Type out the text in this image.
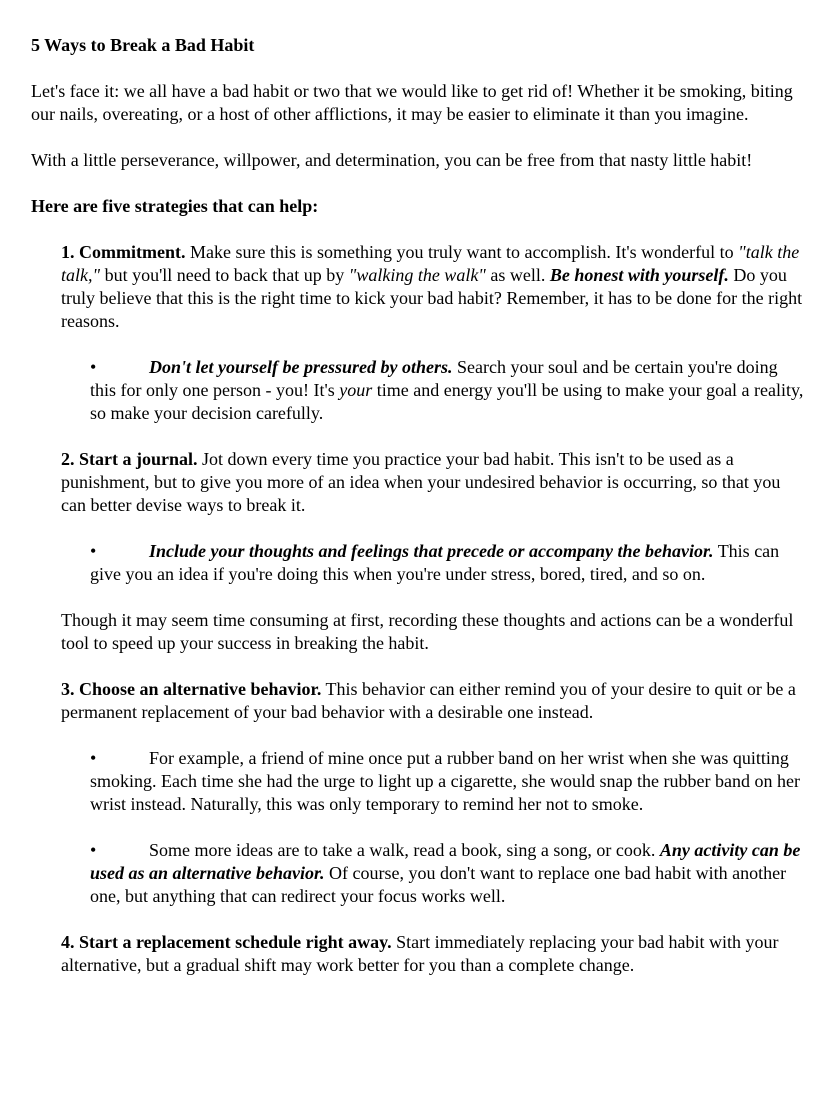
5 Ways to Break a Bad Habit

Let's face it: we all have a bad habit or two that we would like to get rid of! Whether it be smoking, biting our nails, overeating, or a host of other afflictions, it may be easier to eliminate it than you imagine.

With a little perseverance, willpower, and determination, you can be free from that nasty little habit!

Here are five strategies that can help:

1. Commitment. Make sure this is something you truly want to accomplish. It's wonderful to "talk the talk," but you'll need to back that up by "walking the walk" as well. Be honest with yourself. Do you truly believe that this is the right time to kick your bad habit? Remember, it has to be done for the right reasons.

•	Don't let yourself be pressured by others. Search your soul and be certain you're doing this for only one person - you! It's your time and energy you'll be using to make your goal a reality, so make your decision carefully.

2. Start a journal. Jot down every time you practice your bad habit. This isn't to be used as a punishment, but to give you more of an idea when your undesired behavior is occurring, so that you can better devise ways to break it.

•	Include your thoughts and feelings that precede or accompany the behavior. This can give you an idea if you're doing this when you're under stress, bored, tired, and so on.

Though it may seem time consuming at first, recording these thoughts and actions can be a wonderful tool to speed up your success in breaking the habit.

3. Choose an alternative behavior. This behavior can either remind you of your desire to quit or be a permanent replacement of your bad behavior with a desirable one instead.

•	For example, a friend of mine once put a rubber band on her wrist when she was quitting smoking. Each time she had the urge to light up a cigarette, she would snap the rubber band on her wrist instead. Naturally, this was only temporary to remind her not to smoke.

•	Some more ideas are to take a walk, read a book, sing a song, or cook. Any activity can be used as an alternative behavior. Of course, you don't want to replace one bad habit with another one, but anything that can redirect your focus works well.

4. Start a replacement schedule right away. Start immediately replacing your bad habit with your alternative, but a gradual shift may work better for you than a complete change.
